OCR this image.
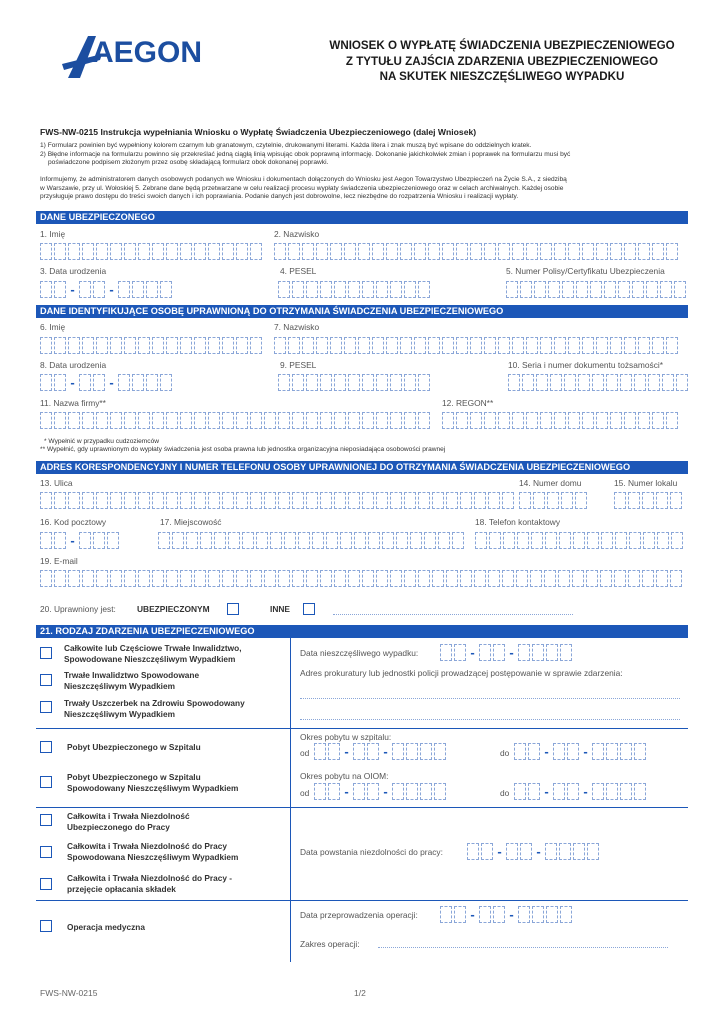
AEGON	WNIOSEK O WYPŁATĘ ŚWIADCZENIA UBEZPIECZENIOWEGO
Z TYTUŁU ZAJŚCIA ZDARZENIA UBEZPIECZENIOWEGO
NA SKUTEK NIESZCZĘŚLIWEGO WYPADKU
FWS-NW-0215 Instrukcja wypełniania Wniosku o Wypłatę Świadczenia Ubezpieczeniowego (dalej Wniosek)
1) Formularz powinien być wypełniony kolorem czarnym lub granatowym, czytelnie, drukowanymi literami. Każda litera i znak muszą być wpisane do oddzielnych kratek.
2) Błędne informacje na formularzu powinno się przekreślać jedną ciągłą linią wpisując obok poprawną informację. Dokonanie jakichkolwiek zmian i poprawek na formularzu musi być
poświadczone podpisem złożonym przez osobę składającą formularz obok dokonanej poprawki.
Informujemy, że administratorem danych osobowych podanych we Wniosku i dokumentach dołączonych do Wniosku jest Aegon Towarzystwo Ubezpieczeń na Życie S.A., z siedzibą
w Warszawie, przy ul. Wołoskiej 5. Zebrane dane będą przetwarzane w celu realizacji procesu wypłaty świadczenia ubezpieczeniowego oraz w celach archiwalnych. Każdej osobie
przysługuje prawo dostępu do treści swoich danych i ich poprawiania. Podanie danych jest dobrowolne, lecz niezbędne do rozpatrzenia Wniosku i realizacji wypłaty.
DANE UBEZPIECZONEGO
1. Imię	2. Nazwisko
3. Data urodzenia	4. PESEL	5. Numer Polisy/Certyfikatu Ubezpieczenia
-	-
DANE IDENTYFIKUJĄCE OSOBĘ UPRAWNIONĄ DO OTRZYMANIA ŚWIADCZENIA UBEZPIECZENIOWEGO
6. Imię	7. Nazwisko
8. Data urodzenia	9. PESEL	10. Seria i numer dokumentu tożsamości*
-	-
11. Nazwa firmy**	12. REGON**
* Wypełnić w przypadku cudzoziemców
** Wypełnić, gdy uprawnionym do wypłaty świadczenia jest osoba prawna lub jednostka organizacyjna nieposiadająca osobowości prawnej
ADRES KORESPONDENCYJNY I NUMER TELEFONU OSOBY UPRAWNIONEJ DO OTRZYMANIA ŚWIADCZENIA UBEZPIECZENIOWEGO
13. Ulica	14. Numer domu	15. Numer lokalu
16. Kod pocztowy	17. Miejscowość	18. Telefon kontaktowy
-
19. E-mail
20. Uprawniony jest:	UBEZPIECZONYM	INNE
21. RODZAJ ZDARZENIA UBEZPIECZENIOWEGO
Całkowite lub Częściowe Trwałe Inwalidztwo,
Spowodowane Nieszczęśliwym Wypadkiem
Trwałe Inwalidztwo Spowodowane
Nieszczęśliwym Wypadkiem
Trwały Uszczerbek na Zdrowiu Spowodowany
Nieszczęśliwym Wypadkiem
Data nieszczęśliwego wypadku:	-	-
Adres prokuratury lub jednostki policji prowadzącej postępowanie w sprawie zdarzenia:
Pobyt Ubezpieczonego w Szpitalu
Pobyt Ubezpieczonego w Szpitalu
Spowodowany Nieszczęśliwym Wypadkiem
Okres pobytu w szpitalu:
od	-	-	do	-	-
Okres pobytu na OIOM:
od	-	-	do	-	-
Całkowita i Trwała Niezdolność
Ubezpieczonego do Pracy
Całkowita i Trwała Niezdolność do Pracy
Spowodowana Nieszczęśliwym Wypadkiem
Całkowita i Trwała Niezdolność do Pracy -
przejęcie opłacania składek
Data powstania niezdolności do pracy:	-	-
Operacja medyczna
Data przeprowadzenia operacji:	-	-
Zakres operacji:
FWS-NW-0215	1/2
